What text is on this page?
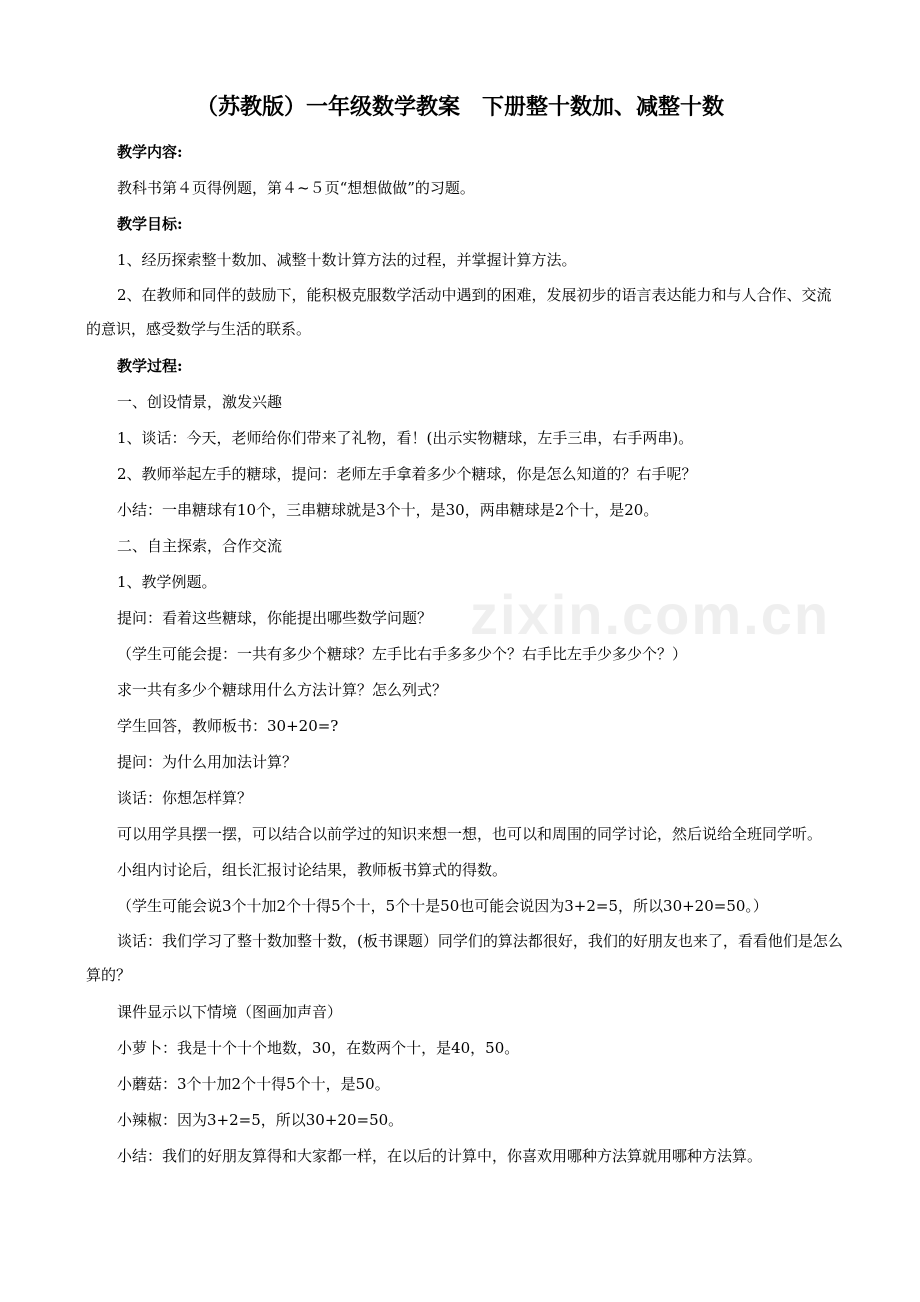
zixin.com.cn
（苏教版）一年级数学教案　下册整十数加、减整十数

教学内容:

教科书第４页得例题，第４~５页“想想做做”的习题。

教学目标:

1、经历探索整十数加、减整十数计算方法的过程，并掌握计算方法。

2、在教师和同伴的鼓励下，能积极克服数学活动中遇到的困难，发展初步的语言表达能力和与人合作、交流的意识，感受数学与生活的联系。

教学过程:

一、创设情景，激发兴趣

1、谈话：今天，老师给你们带来了礼物，看！(出示实物糖球，左手三串，右手两串)。

2、教师举起左手的糖球，提问：老师左手拿着多少个糖球，你是怎么知道的？右手呢？

小结：一串糖球有10个，三串糖球就是3个十，是30，两串糖球是2个十，是20。

二、自主探索，合作交流

1、教学例题。

提问：看着这些糖球，你能提出哪些数学问题？

（学生可能会提：一共有多少个糖球？左手比右手多多少个？右手比左手少多少个？）

求一共有多少个糖球用什么方法计算？怎么列式？

学生回答，教师板书：30+20=?

提问：为什么用加法计算？

谈话：你想怎样算？

可以用学具摆一摆，可以结合以前学过的知识来想一想，也可以和周围的同学讨论，然后说给全班同学听。

小组内讨论后，组长汇报讨论结果，教师板书算式的得数。

（学生可能会说3个十加2个十得5个十，5个十是50也可能会说因为3+2=5，所以30+20=50。）

谈话：我们学习了整十数加整十数，(板书课题）同学们的算法都很好，我们的好朋友也来了，看看他们是怎么算的？

课件显示以下情境（图画加声音）

小萝卜：我是十个十个地数，30，在数两个十，是40，50。

小蘑菇：3个十加2个十得5个十，是50。

小辣椒：因为3+2=5，所以30+20=50。

小结：我们的好朋友算得和大家都一样，在以后的计算中，你喜欢用哪种方法算就用哪种方法算。
